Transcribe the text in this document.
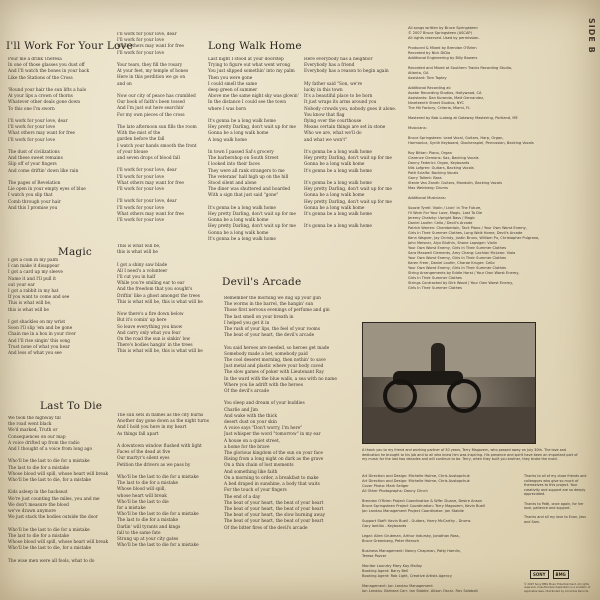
SIDE B
I'll Work For Your Love
Pour me a drink Theresa
In one of those glasses you dust off
And I'll watch the bones in your back
Like the Stations of the Cross

'Round your hair the sun lifts a halo
At your lips a crown of thorns
Whatever other deals gone down
To this one I'm sworn

I'll work for your love, dear
I'll work for your love
What others may want for free
I'll work for your love

The dust of civilizations
And these sweet remains
Slip off of your fingers
And come driftin' down like rain

The pages of Revelation
Lie open in your empty eyes of blue
I watch you slip that
Comb through your hair
And this I promise you
I'll work for your love, dear
I'll work for your love
What others may want for free
I'll work for your love

Your tears, they fill the rosary
At your feet, my temple of bones
Here in this perdition we go on
and on

Now our city of peace has crumbled
Our book of faith's been tossed
And I'm just out here searchin'
For my own pieces of the cross

The late afternoon sun fills the room
With the mist of the
garden before the fall
I watch your hands smooth the front
of your blouse
and seven drops of blood fall

I'll work for your love, dear
I'll work for your love
What others may want for free
I'll work for your love

I'll work for your love, dear
I'll work for your love
What others may want for free
I'll work for your love
Long Walk Home
Last night I stood at your doorstep
Trying to figure out what went wrong
You just slipped somethin' into my palm
Then you were gone
I could smell the same
deep green of summer
Above me the same night sky was glowin'
In the distance I could see the town
where I was born

It's gonna be a long walk home
Hey pretty Darling, don't wait up for me
Gonna be a long walk home
A long walk home

In town I passed Sal's grocery
The barbershop on South Street
I looked into their faces
They were all rank strangers to me
The veterans' hall high up on the hill
Stood silent and alone
The diner was shuttered and boarded
With a sign that just said "gone"

It's gonna be a long walk home
Hey pretty Darling, don't wait up for me
Gonna be a long walk home
Hey pretty Darling, don't wait up for me
Gonna be a long walk home
It's gonna be a long walk home
Here everybody has a neighbor
Everybody has a friend
Everybody has a reason to begin again

My father said "Son, we're
lucky in this town
It's a beautiful place to be born
It just wraps its arms around you
Nobody crowds you, nobody goes it alone.
You know that flag
flying over the courthouse
Means certain things are set in stone
Who we are, what we'll do
and what we won't"

It's gonna be a long walk home
Hey pretty Darling, don't wait up for me
Gonna be a long walk home
It's gonna be a long walk home

It's gonna be a long walk home
Hey pretty Darling, don't wait up for me
Gonna be a long walk home
Hey pretty Darling, don't wait up for me
Gonna be a long walk home
It's gonna be a long walk home

It's gonna be a long walk home
Magic
I got a coin in my palm
I can make it disappear
I got a card up my sleeve
Name it and I'll pull it
out your ear
I got a rabbit in my hat
If you want to come and see
This is what will be,
this is what will be

I got shackles on my wrist
Soon I'll slip 'em and be gone
Chain me in a box in your river
And I'll rise singin' this song
Trust none of what you hear
And less of what you see
This is what will be,
this is what will be

I got a shiny saw blade
All I need's a volunteer
I'll cut you in half
While you're smiling ear to ear
And the freedom that you sought's
Driftin' like a ghost amongst the trees
This is what will be, this is what will be

Now there's a fire down below
But it's comin' up here
So leave everything you know
And carry only what you fear
On the road the sun is sinkin' low
There's bodies hangin' in the trees
This is what will be, this is what will be
Devil's Arcade
Remember the morning we dug up your gun
The worms in the barrel, the hangin' sun
Those first nervous evenings of perfume and gin
The last smell on your breath in
I helped you get it in
The rush of your lips, the feel of your rooms
The beat of your heart, the devil's arcade

You said heroes are needed, so heroes get made
Somebody made a bet, somebody paid
The cool deseret morning, then nothin' to save
Just metal and plastic where your body caved
The slow games of poker with Lieutenant Ray
In the ward with the blue walls, a sea with no name
Where you lie adrift with the heroes
Of the devil's arcade

You sleep and dream of your buddies
Charlie and Jim
And wake with the thick
desert dust on your skin
A voice says "Don't worry, I'm here"
Just whisper the word "tomorrow" in my ear
A house on a quiet street,
a home for the brave
The glorious kingdom of the sun on your face
Rising from a long night on dark as the grave
On a thin chain of lost moments
And something like faith
On a morning to order, a breakfast to make
A bed draped in sunshine, a body that waits
For the touch of your fingers
The end of a day
The beat of your heart, the beat of your heart
The beat of your heart, the beat of your heart
The beat of your heart, the slow burning away
The beat of your heart, the beat of your heart
Of the bitter fires of the devil's arcade
Last To Die
We took the highway till
the road went black
We'd marked, Truth or
Consequences on our map
A voice drifted up from the radio
And I thought of a voice from long ago

Who'll be the last to die for a mistake
The last to die for a mistake
Whose blood will spill, whose heart will break
Who'll be the last to die, for a mistake

Kids asleep in the backseat
We're just counting the miles, you and me
We don't measure the blood
we've drawn anymore
We just stack the bodies outside the door

Who'll be the last to die for a mistake
The last to die for a mistake
Whose blood will spill, whose heart will break
Who'll be the last to die, for a mistake

The wise men were all fools, what to do
The sun sets in flames as the city burns
Another day gone down as the night turns
And I hold you here in my heart
As things fall apart

A downtown window flushed with light
Faces of the dead at five
Our martyr's silent eyes
Petition the drivers as we pass by

Who'll be the last to die for a mistake
The last to die for a mistake
Whose blood will spill,
whose heart will break
Who'll be the last to die
for a mistake
Who'll be the last to die for a mistake
The last to die for a mistake
Darlin' will tyrants and kings
fall to the same fate
Strung up at your city gates
Who'll be the last to die for a mistake
All songs written by Bruce Springsteen
© 2007 Bruce Springsteen (ASCAP)
All rights reserved. Used by permission.

Produced & Mixed by Brendan O'Brien
Recorded by Nick DiDia
Additional Engineering by Billy Bowers

Recorded and Mixed at Southern Tracks Recording Studio,
Atlanta, GA
Assistant: Tom Tapley

Additional Recording at:
Avatar Recording Studios, Hollywood, CA
Assistants: Dan Kuranda, Matt Gernandez,
Nineteenth Street Studios, NYC
The Hit Factory, Criteria, Miami, FL

Mastered by Bob Ludwig at Gateway Mastering, Portland, ME

Musicians:

Bruce Springsteen: Lead Vocal, Guitars, Harp, Organ,
Harmonica, Synth Keyboard, Glockenspiel, Percussion, Backing Vocals

Roy Bittan: Piano, Organ
Clarence Clemons: Sax, Backing Vocals
Danny Federici: Organ, Keyboards
Nils Lofgren: Guitars, Backing Vocals
Patti Scialfa: Backing Vocals
Garry Tallent: Bass
Stevie Van Zandt: Guitars, Mandolin, Backing Vocals
Max Weinberg: Drums

Additional Musicians:

Soozie Tyrell: Violin / Livin' In The Future,
I'll Work For Your Love, Magic, Last To Die
Jeremy Chatzky: Upright Bass / Magic
Daniel Laufer: Cello / Devil's Arcade
Patrick Warren: Chamberlain, Tack Piano / Your Own Worst Enemy,
Girls In Their Summer Clothes, Long Walk Home, Devil's Arcade
Kenn Wagner, Jay Christy, Justin Bruns, William Pu, Christopher Pulgrano,
John Meisner, Alyx Bluthin, Shane Lapsiger: Violin
Your Own Worst Enemy, Girls In Their Summer Clothes
Sara Maxwell Clements, Amy Chang: Lachlan McLean: Viola
Your Own Worst Enemy, Girls In Their Summer Clothes
Karen Freer, Daniel Laufer, Charae Kruger: Cello
Your Own Worst Enemy, Girls In Their Summer Clothes
String Arrangements by Eddie Horst / Your Own Worst Enemy,
Girls In Their Summer Clothes
Strings Contracted by Dirk Wood / Your Own Worst Enemy,
Girls In Their Summer Clothes
A thank you to my friend and working partner of 30 years, Terry Magovern, who passed away on July 30th. The love and dedication he brought to his job and to all who knew him was inspiring. His presence and spirit have been an important part of my music for the last two decades and will continue to be. Terry, when they built you brother, they broke the mold.
Art Direction and Design: Michelle Holme, Chris Austopchuk
Art Direction and Design: Michelle Holme, Chris Austopchuk
Cover Photo: Mark Seliger
All Other Photographs: Danny Clinch

Brendan O'Brien Project Coordination & Wife: Duane, Desire Anson
Bruce Springsteen Project Coordination: Terry Magovern, Kevin Buell
Jon Landau Management Project Coordinator: Jan Stabile

Support Staff: Kevin Buell - Guitars, Harry McCarthy - Drums
Gary Iantillo - Keyboards

Legal: Allen Grubman, Arthur Indursky, Jonathan Ross,
Bruce Greenberg, Peter Mensch

Business Management: Nancy Chapman, Patty Hamlin,
Terese Pozcer

Monitor Laundry Mary Kay Malloy
Booking Agent: Barry Bell
Booking Agent: Rob Light, Creative Artists Agency

Management: Jon Landau Management
Jon Landau, Barbara Carr, Jan Stabile, Alison Oscar, Ray Salabati
Thanks to all of my close friends and colleagues who give so much of themselves to this project. Your creativity and support are so deeply appreciated.

Thanks to Patti, once again, for her love, patience and support.

Thanks and all my love to Evan, Jess and Sam.
SONY	BMG
© 2007 Sony BMG Music Entertainment. All rights reserved. Unauthorized duplication is a violation of applicable laws. Distributed by Columbia Records.
